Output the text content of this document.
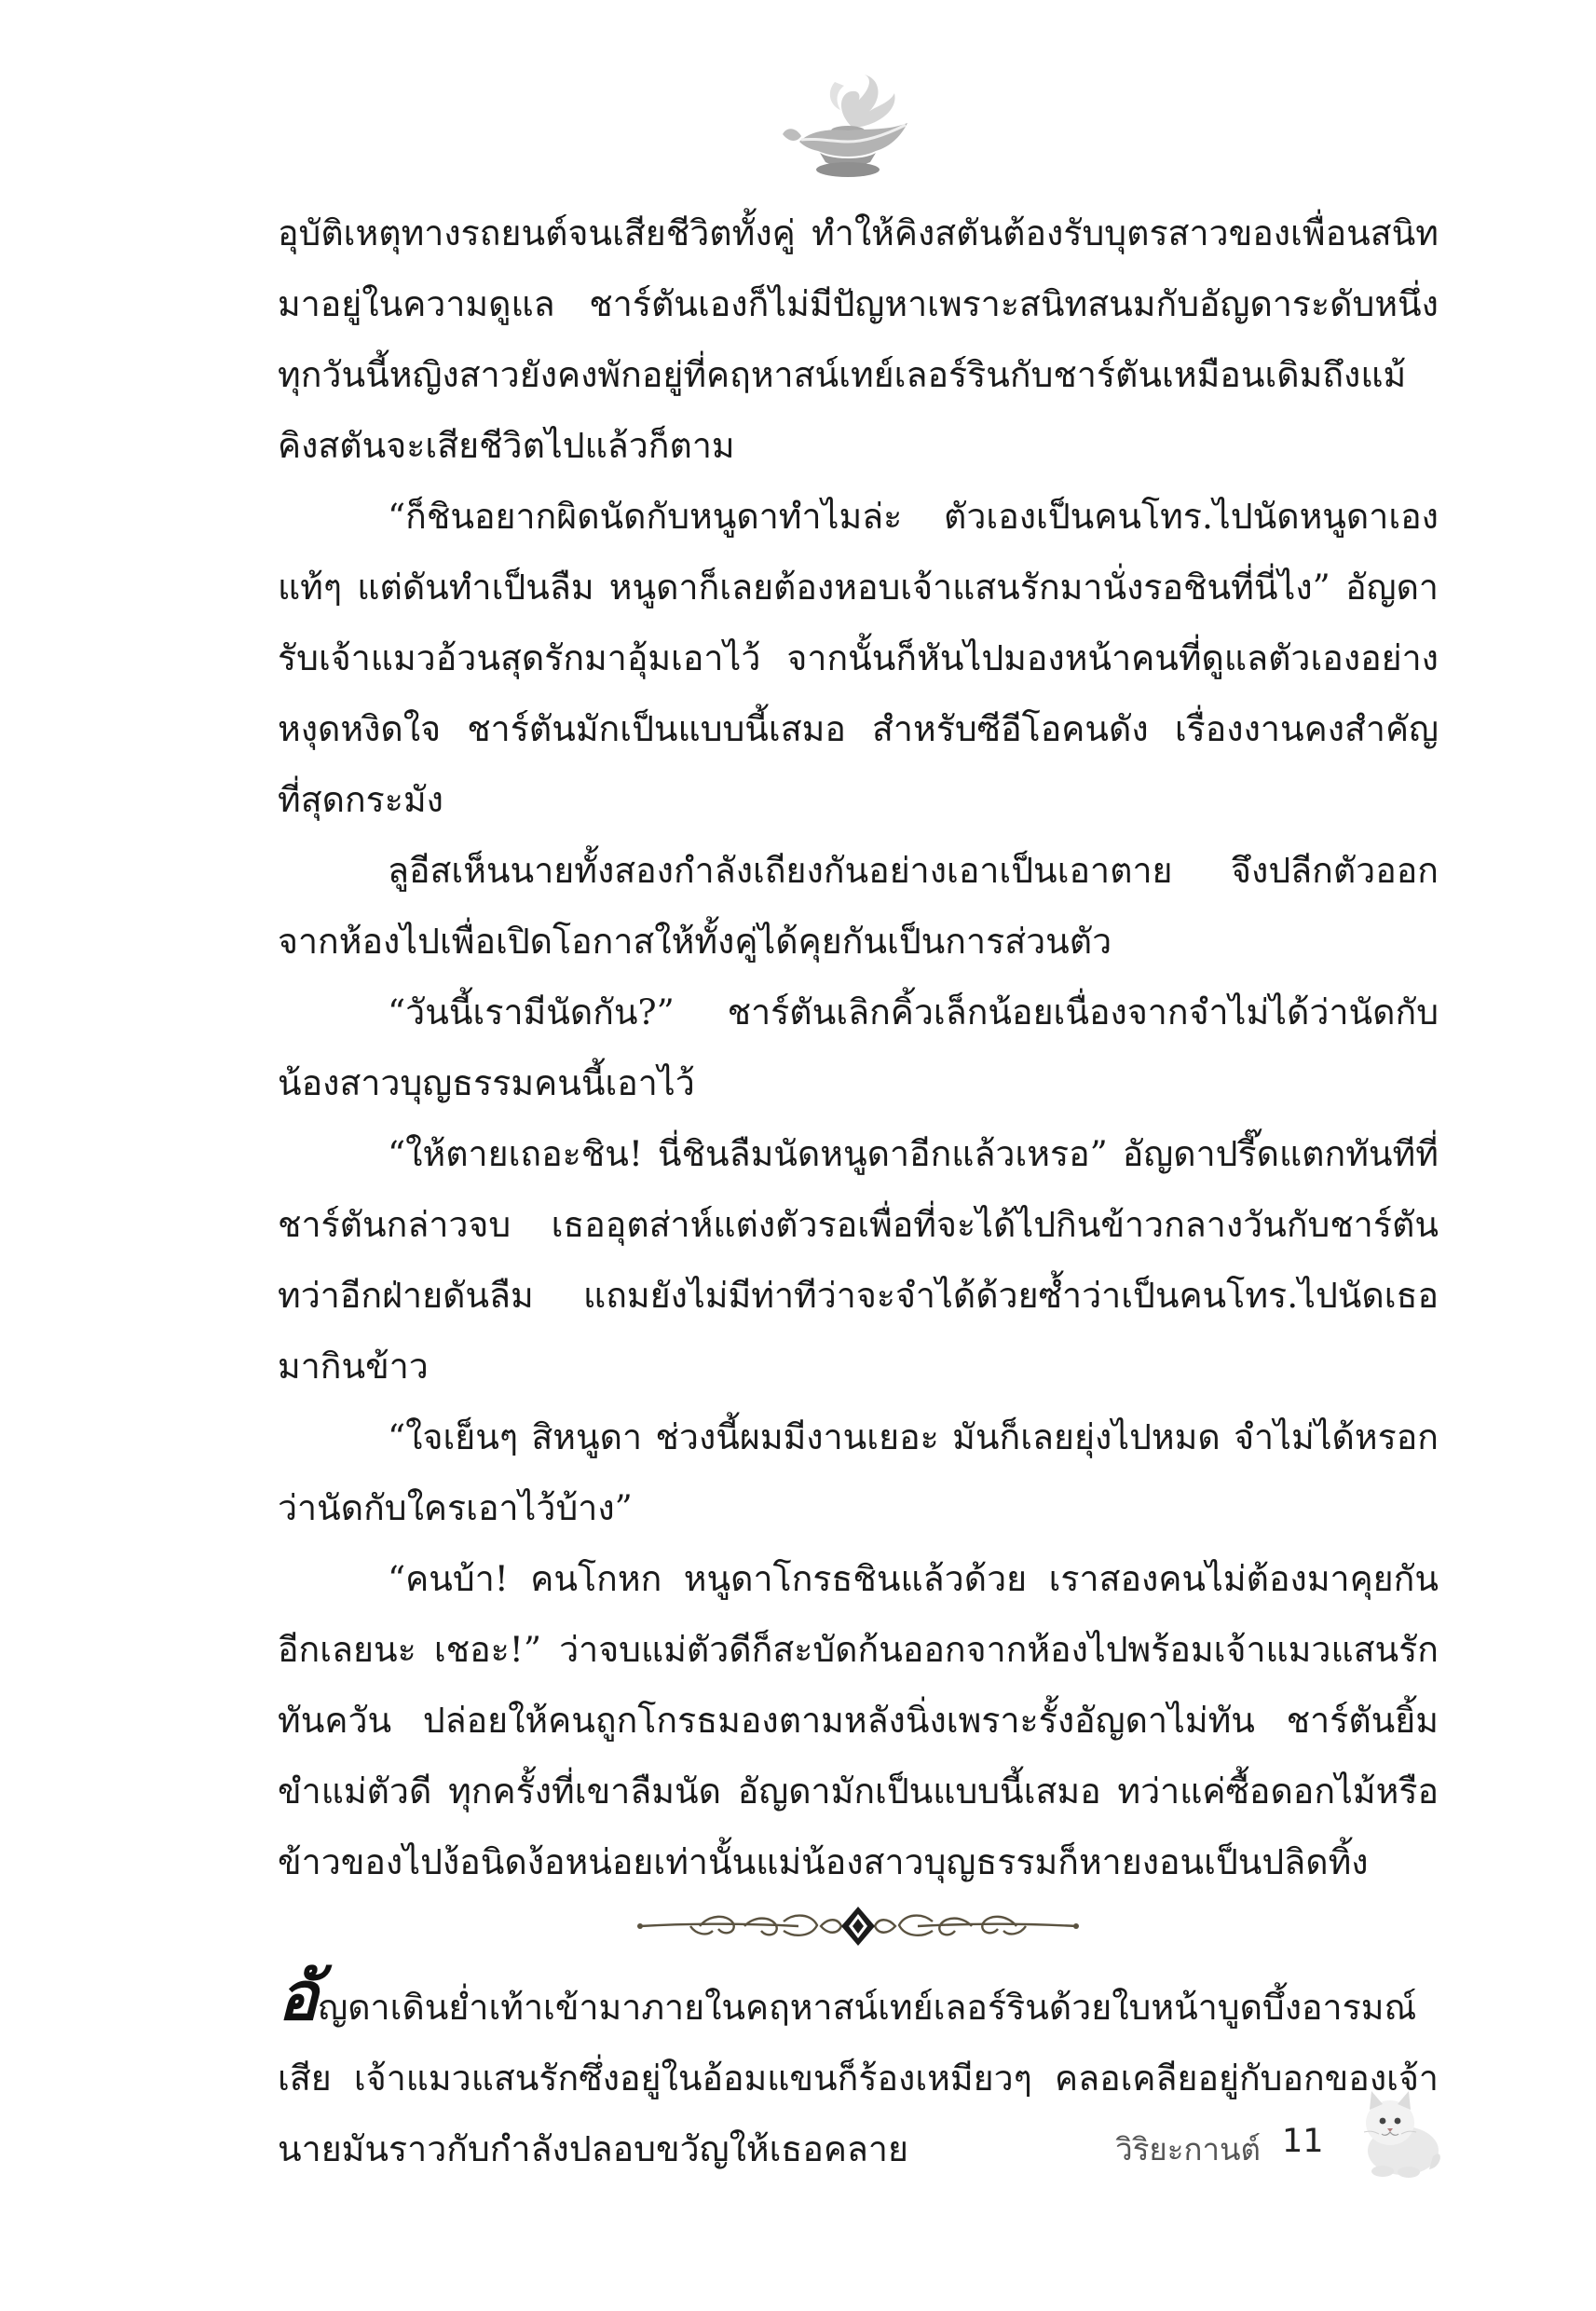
อุบัติเหตุทางรถยนต์จนเสียชีวิตทั้งคู่ ทำให้คิงสตันต้องรับบุตรสาวของเพื่อนสนิทมาอยู่ในความดูแล ชาร์ตันเองก็ไม่มีปัญหาเพราะสนิทสนมกับอัญดาระดับหนึ่ง ทุกวันนี้หญิงสาวยังคงพักอยู่ที่คฤหาสน์เทย์เลอร์รินกับชาร์ตันเหมือนเดิมถึงแม้คิงสตันจะเสียชีวิตไปแล้วก็ตาม

“ก็ชินอยากผิดนัดกับหนูดาทำไมล่ะ ตัวเองเป็นคนโทร.ไปนัดหนูดาเองแท้ๆ แต่ดันทำเป็นลืม หนูดาก็เลยต้องหอบเจ้าแสนรักมานั่งรอชินที่นี่ไง” อัญดารับเจ้าแมวอ้วนสุดรักมาอุ้มเอาไว้ จากนั้นก็หันไปมองหน้าคนที่ดูแลตัวเองอย่างหงุดหงิดใจ ชาร์ตันมักเป็นแบบนี้เสมอ สำหรับซีอีโอคนดัง เรื่องงานคงสำคัญที่สุดกระมัง

ลูอีสเห็นนายทั้งสองกำลังเถียงกันอย่างเอาเป็นเอาตาย จึงปลีกตัวออกจากห้องไปเพื่อเปิดโอกาสให้ทั้งคู่ได้คุยกันเป็นการส่วนตัว

“วันนี้เรามีนัดกัน?” ชาร์ตันเลิกคิ้วเล็กน้อยเนื่องจากจำไม่ได้ว่านัดกับน้องสาวบุญธรรมคนนี้เอาไว้

“ให้ตายเถอะชิน! นี่ชินลืมนัดหนูดาอีกแล้วเหรอ” อัญดาปรี๊ดแตกทันทีที่ชาร์ตันกล่าวจบ เธออุตส่าห์แต่งตัวรอเพื่อที่จะได้ไปกินข้าวกลางวันกับชาร์ตัน ทว่าอีกฝ่ายดันลืม แถมยังไม่มีท่าทีว่าจะจำได้ด้วยซ้ำว่าเป็นคนโทร.ไปนัดเธอมากินข้าว

“ใจเย็นๆ สิหนูดา ช่วงนี้ผมมีงานเยอะ มันก็เลยยุ่งไปหมด จำไม่ได้หรอกว่านัดกับใครเอาไว้บ้าง”

“คนบ้า! คนโกหก หนูดาโกรธชินแล้วด้วย เราสองคนไม่ต้องมาคุยกันอีกเลยนะ เชอะ!” ว่าจบแม่ตัวดีก็สะบัดก้นออกจากห้องไปพร้อมเจ้าแมวแสนรักทันควัน ปล่อยให้คนถูกโกรธมองตามหลังนิ่งเพราะรั้งอัญดาไม่ทัน ชาร์ตันยิ้มขำแม่ตัวดี ทุกครั้งที่เขาลืมนัด อัญดามักเป็นแบบนี้เสมอ ทว่าแค่ซื้อดอกไม้หรือข้าวของไปง้อนิดง้อหน่อยเท่านั้นแม่น้องสาวบุญธรรมก็หายงอนเป็นปลิดทิ้ง

อัญดาเดินย่ำเท้าเข้ามาภายในคฤหาสน์เทย์เลอร์รินด้วยใบหน้าบูดบึ้งอารมณ์เสีย เจ้าแมวแสนรักซึ่งอยู่ในอ้อมแขนก็ร้องเหมียวๆ คลอเคลียอยู่กับอกของเจ้านายมันราวกับกำลังปลอบขวัญให้เธอคลาย	วิริยะกานต์ 11
